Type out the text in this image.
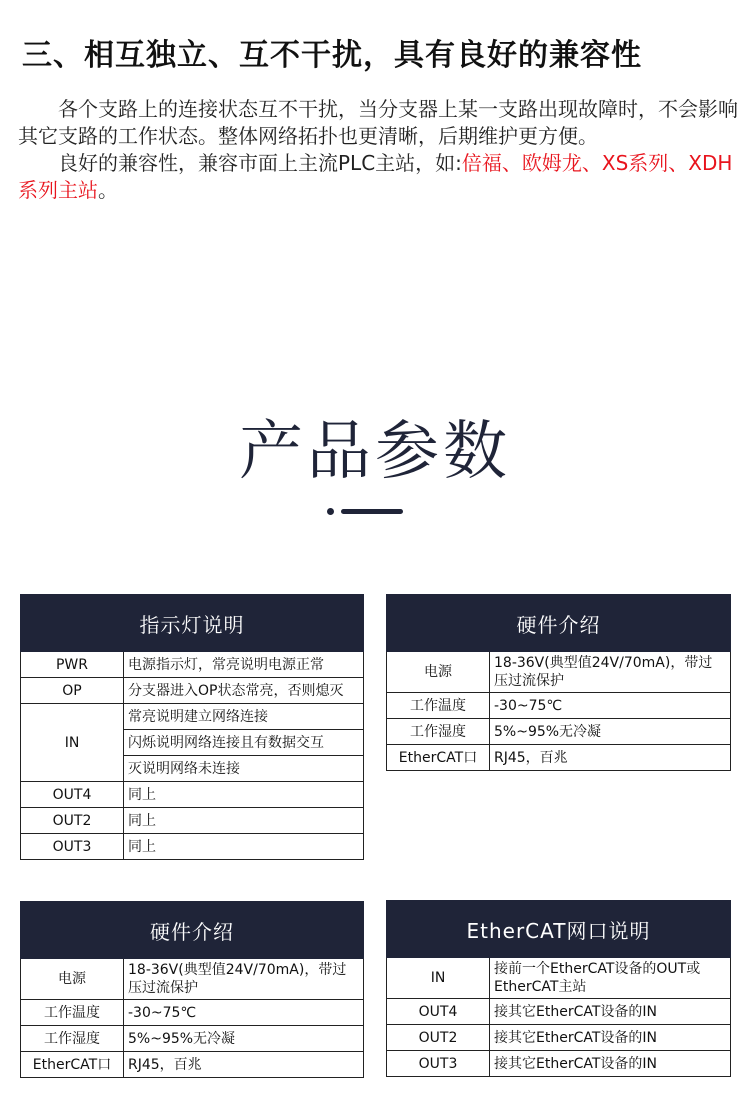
三、相互独立、互不干扰，具有良好的兼容性

  各个支路上的连接状态互不干扰，当分支器上某一支路出现故障时，不会影响其它支路的工作状态。整体网络拓扑也更清晰，后期维护更方便。

  良好的兼容性，兼容市面上主流PLC主站，如:倍福、欧姆龙、XS系列、XDH系列主站。

产品参数
指示灯说明	
PWR	电源指示灯，常亮说明电源正常
OP	分支器进入OP状态常亮，否则熄灭
IN	常亮说明建立网络连接
	闪烁说明网络连接且有数据交互
	灭说明网络未连接
OUT4	同上
OUT2	同上
OUT3	同上
硬件介绍	
电源	18-36V(典型值24V/70mA)，带过压过流保护
工作温度	-30~75℃
工作湿度	5%~95%无冷凝
EtherCAT口	RJ45，百兆
硬件介绍	
电源	18-36V(典型值24V/70mA)，带过压过流保护
工作温度	-30~75℃
工作湿度	5%~95%无冷凝
EtherCAT口	RJ45，百兆
EtherCAT网口说明	
IN	接前一个EtherCAT设备的OUT或EtherCAT主站
OUT4	接其它EtherCAT设备的IN
OUT2	接其它EtherCAT设备的IN
OUT3	接其它EtherCAT设备的IN
